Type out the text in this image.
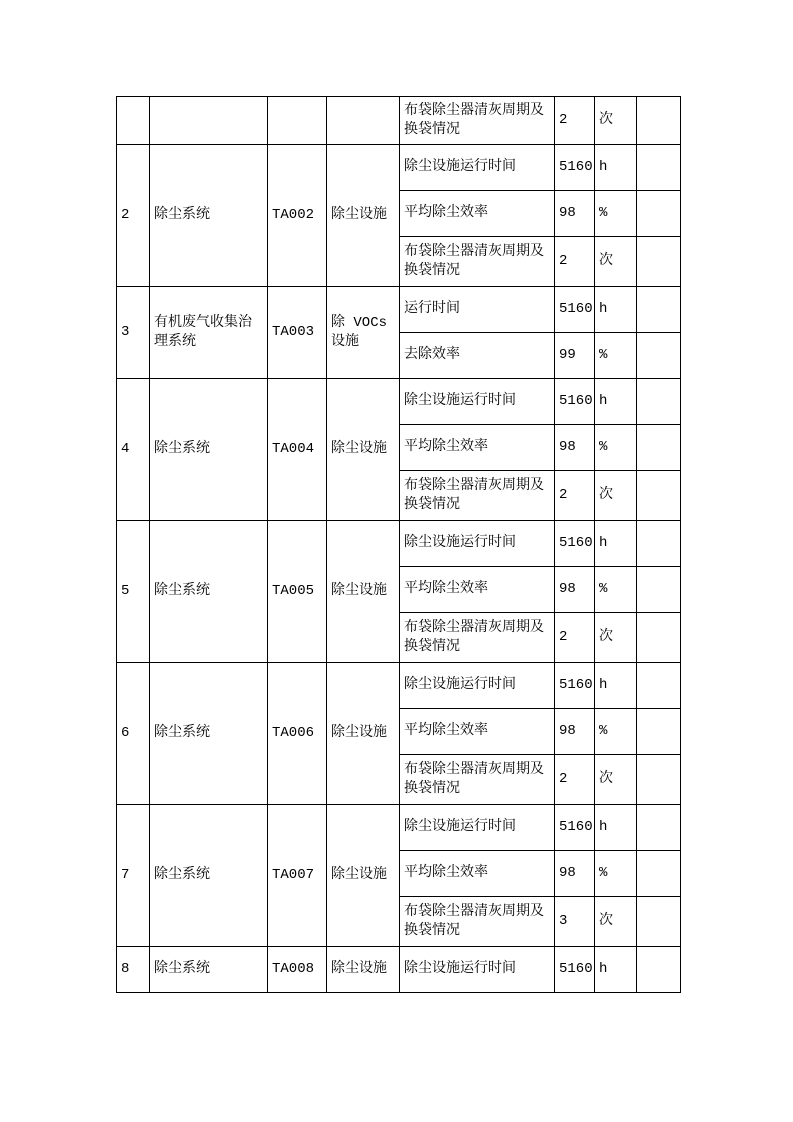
				布袋除尘器清灰周期及换袋情况	2	次	
2	除尘系统	TA002	除尘设施	除尘设施运行时间	5160	h	
				平均除尘效率	98	%	
				布袋除尘器清灰周期及换袋情况	2	次	
3	有机废气收集治理系统	TA003	除 VOCs 设施	运行时间	5160	h	
				去除效率	99	%	
4	除尘系统	TA004	除尘设施	除尘设施运行时间	5160	h	
				平均除尘效率	98	%	
				布袋除尘器清灰周期及换袋情况	2	次	
5	除尘系统	TA005	除尘设施	除尘设施运行时间	5160	h	
				平均除尘效率	98	%	
				布袋除尘器清灰周期及换袋情况	2	次	
6	除尘系统	TA006	除尘设施	除尘设施运行时间	5160	h	
				平均除尘效率	98	%	
				布袋除尘器清灰周期及换袋情况	2	次	
7	除尘系统	TA007	除尘设施	除尘设施运行时间	5160	h	
				平均除尘效率	98	%	
				布袋除尘器清灰周期及换袋情况	3	次	
8	除尘系统	TA008	除尘设施	除尘设施运行时间	5160	h	
